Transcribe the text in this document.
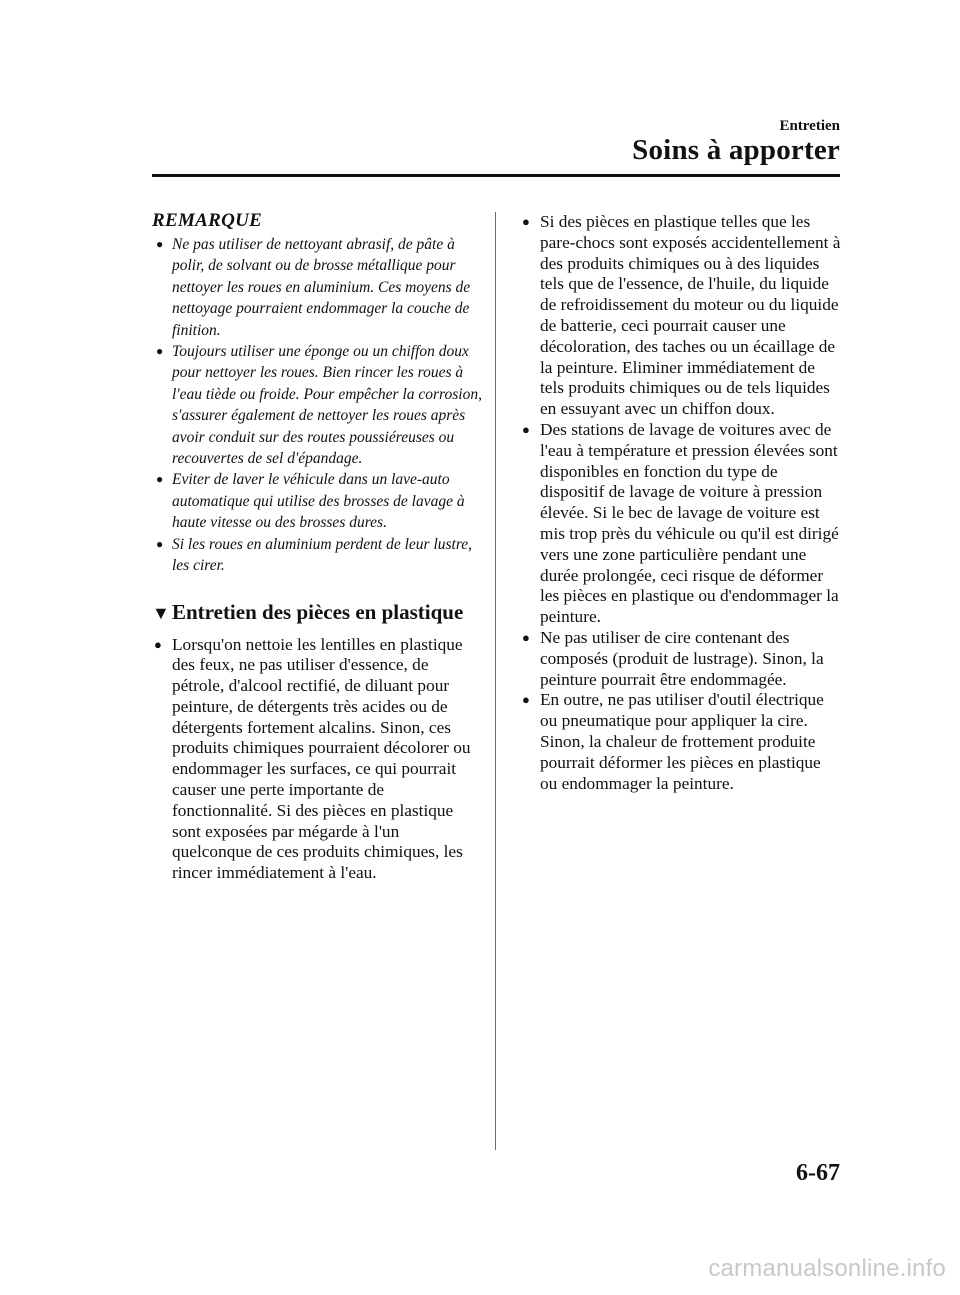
Entretien
Soins à apporter
REMARQUE
● Ne pas utiliser de nettoyant abrasif, de pâte à polir, de solvant ou de brosse métallique pour nettoyer les roues en aluminium. Ces moyens de nettoyage pourraient endommager la couche de finition.
● Toujours utiliser une éponge ou un chiffon doux pour nettoyer les roues. Bien rincer les roues à l'eau tiède ou froide. Pour empêcher la corrosion, s'assurer également de nettoyer les roues après avoir conduit sur des routes poussiéreuses ou recouvertes de sel d'épandage.
● Eviter de laver le véhicule dans un lave-auto automatique qui utilise des brosses de lavage à haute vitesse ou des brosses dures.
● Si les roues en aluminium perdent de leur lustre, les cirer.
▼ Entretien des pièces en plastique
● Lorsqu'on nettoie les lentilles en plastique des feux, ne pas utiliser d'essence, de pétrole, d'alcool rectifié, de diluant pour peinture, de détergents très acides ou de détergents fortement alcalins. Sinon, ces produits chimiques pourraient décolorer ou endommager les surfaces, ce qui pourrait causer une perte importante de fonctionnalité. Si des pièces en plastique sont exposées par mégarde à l'un quelconque de ces produits chimiques, les rincer immédiatement à l'eau.
● Si des pièces en plastique telles que les pare-chocs sont exposés accidentellement à des produits chimiques ou à des liquides tels que de l'essence, de l'huile, du liquide de refroidissement du moteur ou du liquide de batterie, ceci pourrait causer une décoloration, des taches ou un écaillage de la peinture. Eliminer immédiatement de tels produits chimiques ou de tels liquides en essuyant avec un chiffon doux.
● Des stations de lavage de voitures avec de l'eau à température et pression élevées sont disponibles en fonction du type de dispositif de lavage de voiture à pression élevée. Si le bec de lavage de voiture est mis trop près du véhicule ou qu'il est dirigé vers une zone particulière pendant une durée prolongée, ceci risque de déformer les pièces en plastique ou d'endommager la peinture.
● Ne pas utiliser de cire contenant des composés (produit de lustrage). Sinon, la peinture pourrait être endommagée.
● En outre, ne pas utiliser d'outil électrique ou pneumatique pour appliquer la cire. Sinon, la chaleur de frottement produite pourrait déformer les pièces en plastique ou endommager la peinture.
6-67
carmanualsonline.info
